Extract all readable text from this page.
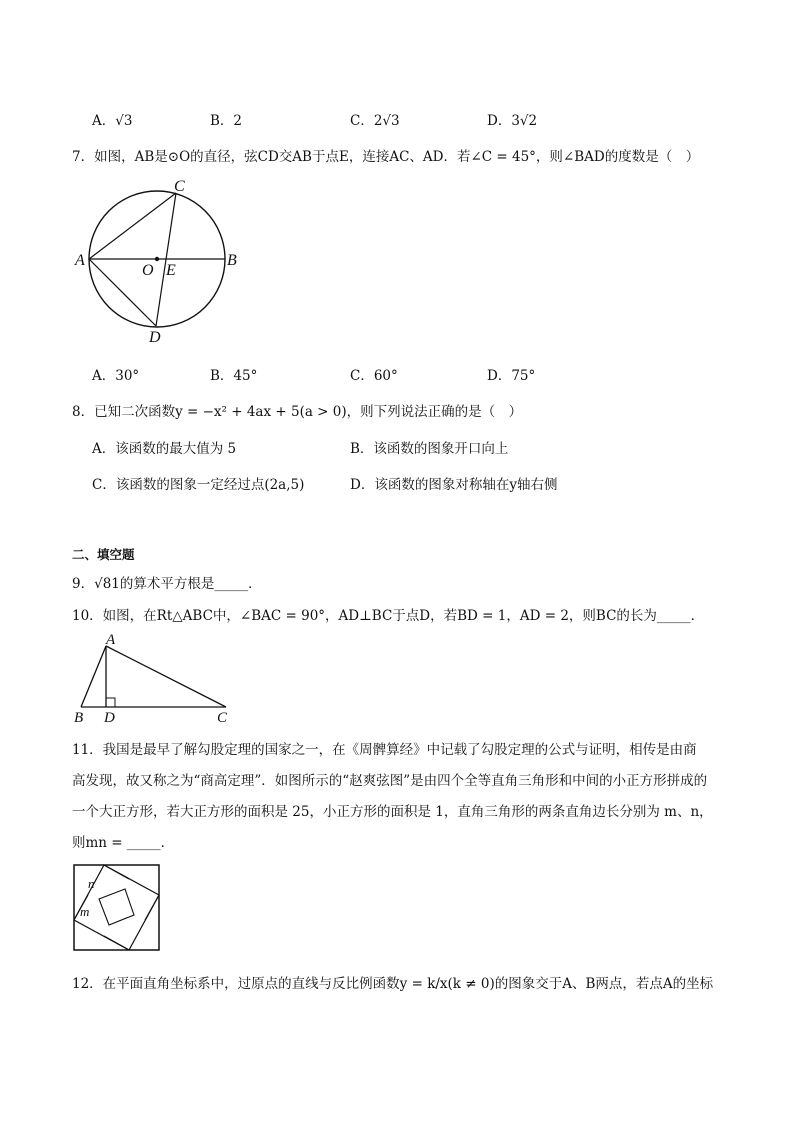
A．√3	B．2	C．2√3	D．3√2
7．如图，AB是⊙O的直径，弦CD交AB于点E，连接AC、AD．若∠C = 45°，则∠BAD的度数是（　）
A	B
C
D
O E
A．30°	B．45°	C．60°	D．75°
8．已知二次函数y = −x² + 4ax + 5(a > 0)，则下列说法正确的是（　）
A．该函数的最大值为 5	B．该函数的图象开口向上
C．该函数的图象一定经过点(2a,5)	D．该函数的图象对称轴在y轴右侧
二、填空题
9．√81的算术平方根是_____．
10．如图，在Rt△ABC中，∠BAC = 90°，AD⊥BC于点D，若BD = 1，AD = 2，则BC的长为_____．
A
B D	C
11．我国是最早了解勾股定理的国家之一，在《周髀算经》中记载了勾股定理的公式与证明，相传是由商
高发现，故又称之为“商高定理”．如图所示的“赵爽弦图”是由四个全等直角三角形和中间的小正方形拼成的
一个大正方形，若大正方形的面积是 25，小正方形的面积是 1，直角三角形的两条直角边长分别为 m、n，
则mn = _____．
n
m
12．在平面直角坐标系中，过原点的直线与反比例函数y = k/x(k ≠ 0)的图象交于A、B两点，若点A的坐标
